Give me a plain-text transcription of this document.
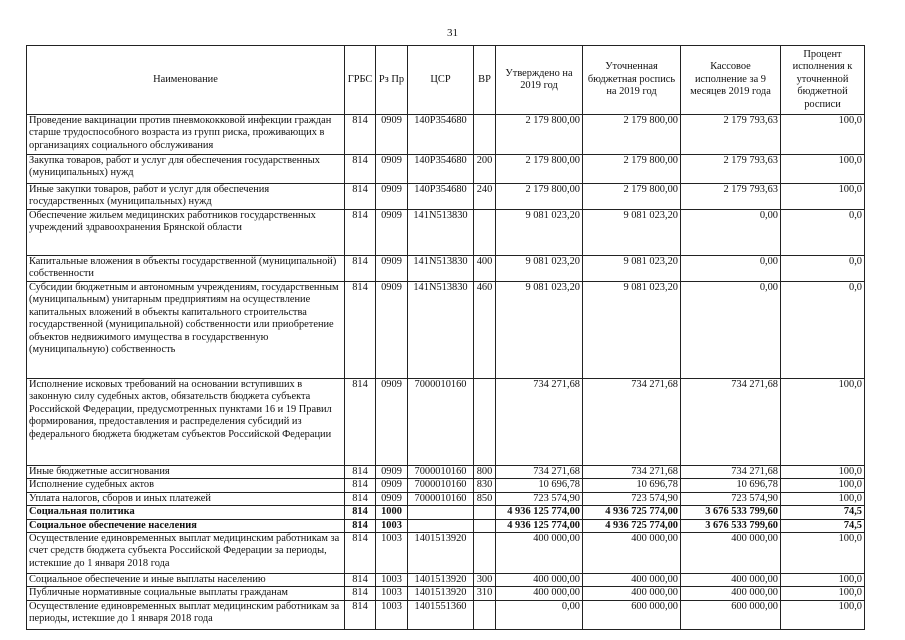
31
Наименование	ГРБС	Рз Пр	ЦСР	ВР	Утверждено на 2019 год	Уточненная бюджетная роспись на 2019 год	Кассовое исполнение за 9 месяцев 2019 года	Процент исполнения к уточненной бюджетной росписи
Проведение вакцинации против пневмококковой инфекции граждан старше трудоспособного возраста из групп риска, проживающих в организациях социального обслуживания	814	0909	140P354680		2 179 800,00	2 179 800,00	2 179 793,63	100,0
Закупка товаров, работ и услуг для обеспечения государственных (муниципальных) нужд	814	0909	140P354680	200	2 179 800,00	2 179 800,00	2 179 793,63	100,0
Иные закупки товаров, работ и услуг для обеспечения государственных (муниципальных) нужд	814	0909	140P354680	240	2 179 800,00	2 179 800,00	2 179 793,63	100,0
Обеспечение жильем медицинских работников государственных учреждений здравоохранения Брянской области	814	0909	141N513830		9 081 023,20	9 081 023,20	0,00	0,0
Капитальные вложения в объекты государственной (муниципальной) собственности	814	0909	141N513830	400	9 081 023,20	9 081 023,20	0,00	0,0
Субсидии бюджетным и автономным учреждениям, государственным (муниципальным) унитарным предприятиям на осуществление капитальных вложений в объекты капитального строительства государственной (муниципальной) собственности или приобретение объектов недвижимого имущества в государственную (муниципальную) собственность	814	0909	141N513830	460	9 081 023,20	9 081 023,20	0,00	0,0
Исполнение исковых требований на основании вступивших в законную силу судебных актов, обязательств бюджета субъекта Российской Федерации, предусмотренных пунктами 16 и 19 Правил формирования, предоставления и распределения субсидий из федерального бюджета бюджетам субъектов Российской Федерации	814	0909	7000010160		734 271,68	734 271,68	734 271,68	100,0
Иные бюджетные ассигнования	814	0909	7000010160	800	734 271,68	734 271,68	734 271,68	100,0
Исполнение судебных актов	814	0909	7000010160	830	10 696,78	10 696,78	10 696,78	100,0
Уплата налогов, сборов и иных платежей	814	0909	7000010160	850	723 574,90	723 574,90	723 574,90	100,0
Социальная политика	814	1000			4 936 125 774,00	4 936 725 774,00	3 676 533 799,60	74,5
Социальное обеспечение населения	814	1003			4 936 125 774,00	4 936 725 774,00	3 676 533 799,60	74,5
Осуществление единовременных выплат медицинским работникам за счет средств бюджета субъекта Российской Федерации за периоды, истекшие до 1 января 2018 года	814	1003	1401513920		400 000,00	400 000,00	400 000,00	100,0
Социальное обеспечение и иные выплаты населению	814	1003	1401513920	300	400 000,00	400 000,00	400 000,00	100,0
Публичные нормативные социальные выплаты гражданам	814	1003	1401513920	310	400 000,00	400 000,00	400 000,00	100,0
Осуществление единовременных выплат медицинским работникам за периоды, истекшие до 1 января 2018 года	814	1003	1401551360		0,00	600 000,00	600 000,00	100,0
